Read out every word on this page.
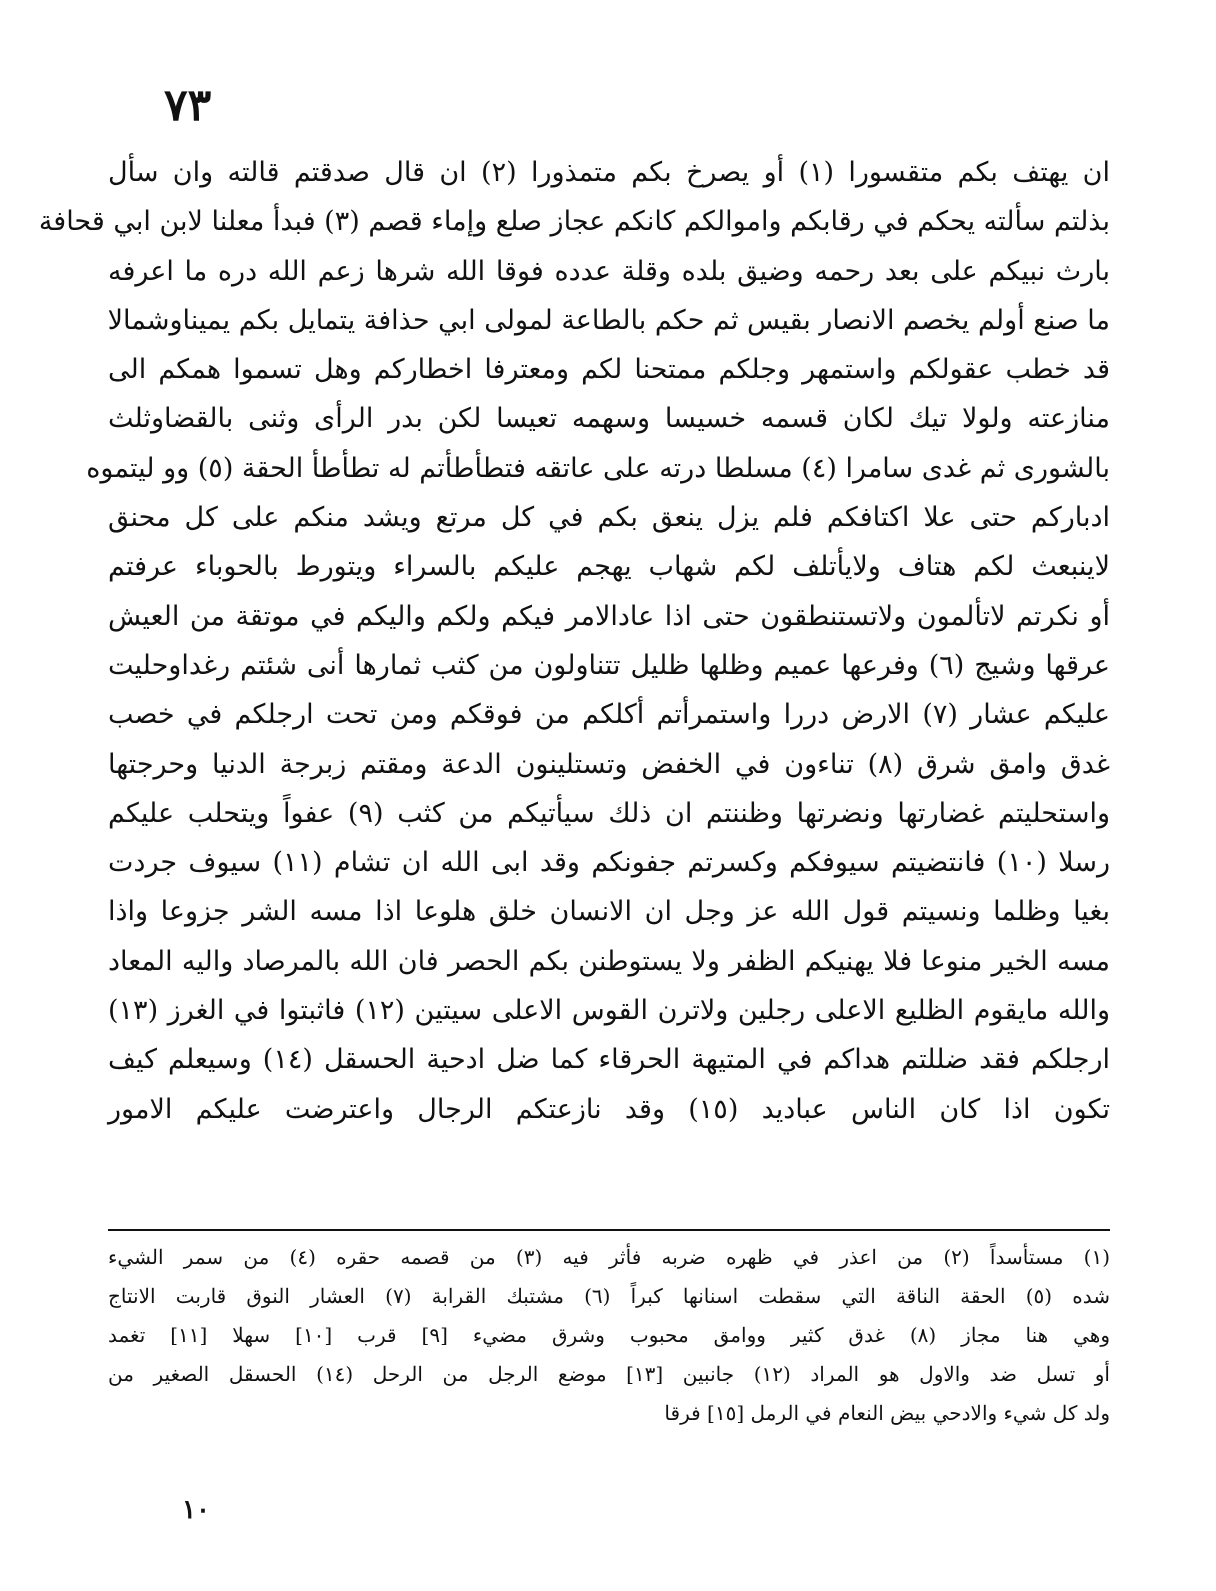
٧٣
ان يهتف بكم متقسورا (١) أو يصرخ بكم متمذورا (٢) ان قال صدقتم قالته وان سأل
بذلتم سألته يحكم في رقابكم واموالكم كانكم عجاز صلع وإماء قصم (٣) فبدأ معلنا لابن ابي قحافة
بارث نبيكم على بعد رحمه وضيق بلده وقلة عدده فوقا الله شرها زعم الله دره ما اعرفه
ما صنع أولم يخصم الانصار بقيس ثم حكم بالطاعة لمولى ابي حذافة يتمايل بكم يميناوشمالا
قد خطب عقولكم واستمهر وجلكم ممتحنا لكم ومعترفا اخطاركم وهل تسموا همكم الى
منازعته ولولا تيك لكان قسمه خسيسا وسهمه تعيسا لكن بدر الرأى وثنى بالقضاوثلث
بالشورى ثم غدى سامرا (٤) مسلطا درته على عاتقه فتطأطأتم له تطأطأ الحقة (٥) وو ليتموه
ادباركم حتى علا اكتافكم فلم يزل ينعق بكم في كل مرتع ويشد منكم على كل محنق
لاينبعث لكم هتاف ولايأتلف لكم شهاب يهجم عليكم بالسراء ويتورط بالحوباء عرفتم
أو نكرتم لاتألمون ولاتستنطقون حتى اذا عادالامر فيكم ولكم واليكم في موتقة من العيش
عرقها وشيج (٦) وفرعها عميم وظلها ظليل تتناولون من كثب ثمارها أنى شئتم رغداوحليت
عليكم عشار (٧) الارض دررا واستمرأتم أكلكم من فوقكم ومن تحت ارجلكم في خصب
غدق وامق شرق (٨) تناءون في الخفض وتستلينون الدعة ومقتم زبرجة الدنيا وحرجتها
واستحليتم غضارتها ونضرتها وظننتم ان ذلك سيأتيكم من كثب (٩) عفواً ويتحلب عليكم
رسلا (١٠) فانتضيتم سيوفكم وكسرتم جفونكم وقد ابى الله ان تشام (١١) سيوف جردت
بغيا وظلما ونسيتم قول الله عز وجل ان الانسان خلق هلوعا اذا مسه الشر جزوعا واذا
مسه الخير منوعا فلا يهنيكم الظفر ولا يستوطنن بكم الحصر فان الله بالمرصاد واليه المعاد
والله مايقوم الظليع الاعلى رجلين ولاترن القوس الاعلى سيتين (١٢) فاثبتوا في الغرز (١٣)
ارجلكم فقد ضللتم هداكم في المتيهة الحرقاء كما ضل ادحية الحسقل (١٤) وسيعلم كيف
تكون اذا كان الناس عباديد (١٥) وقد نازعتكم الرجال واعترضت عليكم الامور
(١) مستأسداً (٢) من اعذر في ظهره ضربه فأثر فيه (٣) من قصمه حقره (٤) من سمر الشيء
شده (٥) الحقة الناقة التي سقطت اسنانها كبراً (٦) مشتبك القرابة (٧) العشار النوق قاربت الانتاج
وهي هنا مجاز (٨) غدق كثير ووامق محبوب وشرق مضيء [٩] قرب [١٠] سهلا [١١] تغمد
أو تسل ضد والاول هو المراد (١٢) جانبين [١٣] موضع الرجل من الرحل (١٤) الحسقل الصغير من
ولد كل شيء والادحي بيض النعام في الرمل [١٥] فرقا
١٠
